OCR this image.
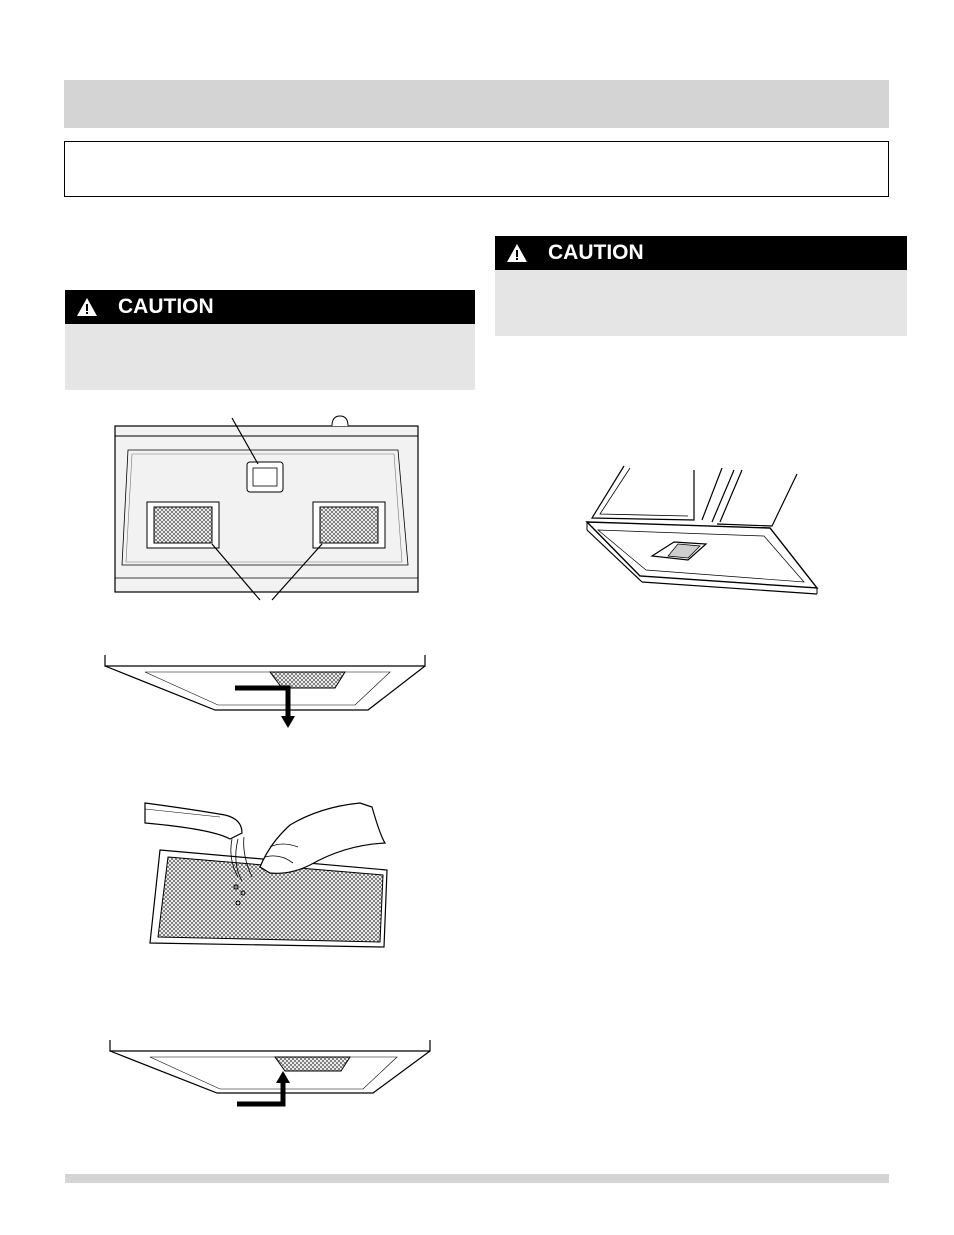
CAUTION
CAUTION
